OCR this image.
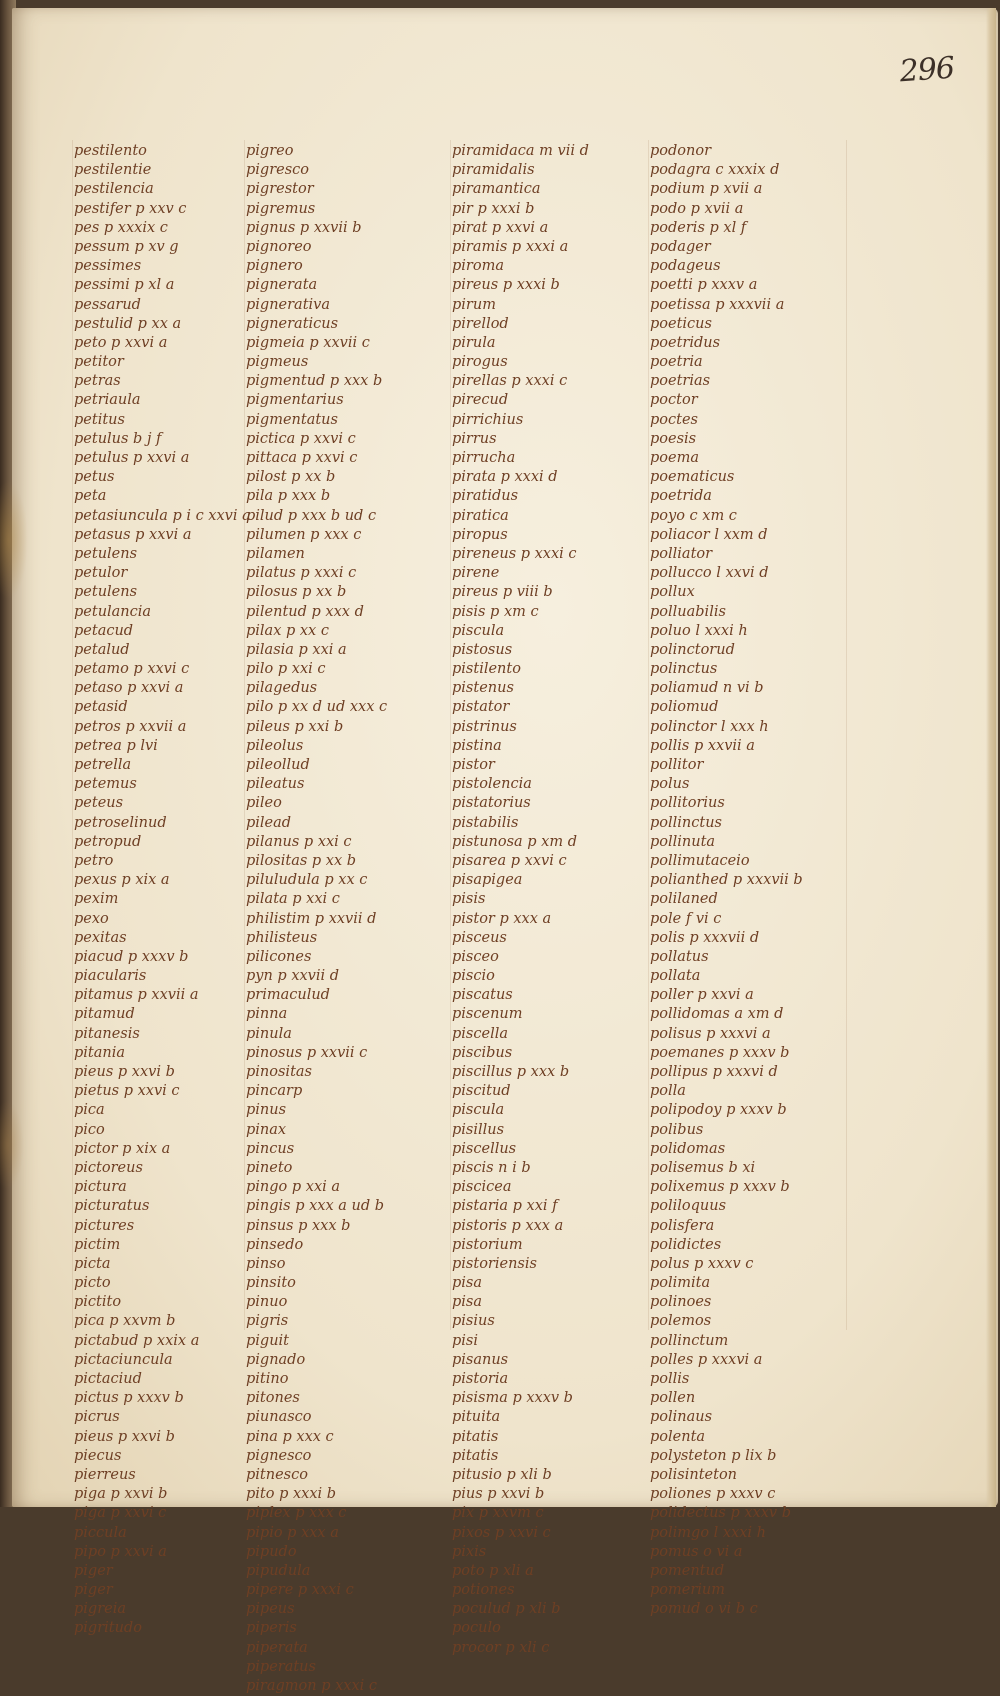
296
pestilento
pestilentie
pestilencia
pestifer p xxv c
pes p xxxix c
pessum p xv g
pessimes
pessimi p xl a
pessarud
pestulid p xx a
peto p xxvi a
petitor
petras
petriaula
petitus
petulus b j f
petulus p xxvi a
petus
peta
petasiuncula p i c xxvi a
petasus p xxvi a
petulens
petulor
petulens
petulancia
petacud
petalud
petamo p xxvi c
petaso p xxvi a
petasid
petros p xxvii a
petrea p lvi
petrella
petemus
peteus
petroselinud
petropud
petro
pexus p xix a
pexim
pexo
pexitas
piacud p xxxv b
piacularis
pitamus p xxvii a
pitamud
pitanesis
pitania
pieus p xxvi b
pietus p xxvi c
pica
pico
pictor p xix a
pictoreus
pictura
picturatus
pictures
pictim
picta
picto
pictito
pica p xxvm b
pictabud p xxix a
pictaciuncula
pictaciud
pictus p xxxv b
picrus
pieus p xxvi b
piecus
pierreus
piga p xxvi b
piga p xxvi c
piccula
pipo p xxvi a
piger
piger
pigreia
pigritudo
pigreo
pigresco
pigrestor
pigremus
pignus p xxvii b
pignoreo
pignero
pignerata
pignerativa
pigneraticus
pigmeia p xxvii c
pigmeus
pigmentud p xxx b
pigmentarius
pigmentatus
pictica p xxvi c
pittaca p xxvi c
pilost p xx b
pila p xxx b
pilud p xxx b ud c
pilumen p xxx c
pilamen
pilatus p xxxi c
pilosus p xx b
pilentud p xxx d
pilax p xx c
pilasia p xxi a
pilo p xxi c
pilagedus
pilo p xx d ud xxx c
pileus p xxi b
pileolus
pileollud
pileatus
pileo
pilead
pilanus p xxi c
pilositas p xx b
piluludula p xx c
pilata p xxi c
philistim p xxvii d
philisteus
pilicones
pyn p xxvii d
primaculud
pinna
pinula
pinosus p xxvii c
pinositas
pincarp
pinus
pinax
pincus
pineto
pingo p xxi a
pingis p xxx a ud b
pinsus p xxx b
pinsedo
pinso
pinsito
pinuo
pigris
piguit
pignado
pitino
pitones
piunasco
pina p xxx c
pignesco
pitnesco
pito p xxxi b
piplex p xxx c
pipio p xxx a
pipudo
pipudula
pipere p xxxi c
pipeus
piperis
piperata
piperatus
piragmon p xxxi c
piramidaca m vii d
piramidalis
piramantica
pir p xxxi b
pirat p xxvi a
piramis p xxxi a
piroma
pireus p xxxi b
pirum
pirellod
pirula
pirogus
pirellas p xxxi c
pirecud
pirrichius
pirrus
pirrucha
pirata p xxxi d
piratidus
piratica
piropus
pireneus p xxxi c
pirene
pireus p viii b
pisis p xm c
piscula
pistosus
pistilento
pistenus
pistator
pistrinus
pistina
pistor
pistolencia
pistatorius
pistabilis
pistunosa p xm d
pisarea p xxvi c
pisapigea
pisis
pistor p xxx a
pisceus
pisceo
piscio
piscatus
piscenum
piscella
piscibus
piscillus p xxx b
piscitud
piscula
pisillus
piscellus
piscis n i b
piscicea
pistaria p xxi f
pistoris p xxx a
pistorium
pistoriensis
pisa
pisa
pisius
pisi
pisanus
pistoria
pisisma p xxxv b
pituita
pitatis
pitatis
pitusio p xli b
pius p xxvi b
pix p xxvm c
pixos p xxvi c
pixis
poto p xli a
potiones
poculud p xli b
poculo
procor p xli c
podonor
podagra c xxxix d
podium p xvii a
podo p xvii a
poderis p xl f
podager
podageus
poetti p xxxv a
poetissa p xxxvii a
poeticus
poetridus
poetria
poetrias
poctor
poctes
poesis
poema
poematicus
poetrida
poyo c xm c
poliacor l xxm d
polliator
pollucco l xxvi d
pollux
polluabilis
poluo l xxxi h
polinctorud
polinctus
poliamud n vi b
poliomud
polinctor l xxx h
pollis p xxvii a
pollitor
polus
pollitorius
pollinctus
pollinuta
pollimutaceio
polianthed p xxxvii b
polilaned
pole f vi c
polis p xxxvii d
pollatus
pollata
poller p xxvi a
pollidomas a xm d
polisus p xxxvi a
poemanes p xxxv b
pollipus p xxxvi d
polla
polipodoy p xxxv b
polibus
polidomas
polisemus b xi
polixemus p xxxv b
poliloquus
polisfera
polidictes
polus p xxxv c
polimita
polinoes
polemos
pollinctum
polles p xxxvi a
pollis
pollen
polinaus
polenta
polysteton p lix b
polisinteton
poliones p xxxv c
polidectus p xxxv b
polimgo l xxxi h
pomus o vi a
pomentud
pomerium
pomud o vi b c
